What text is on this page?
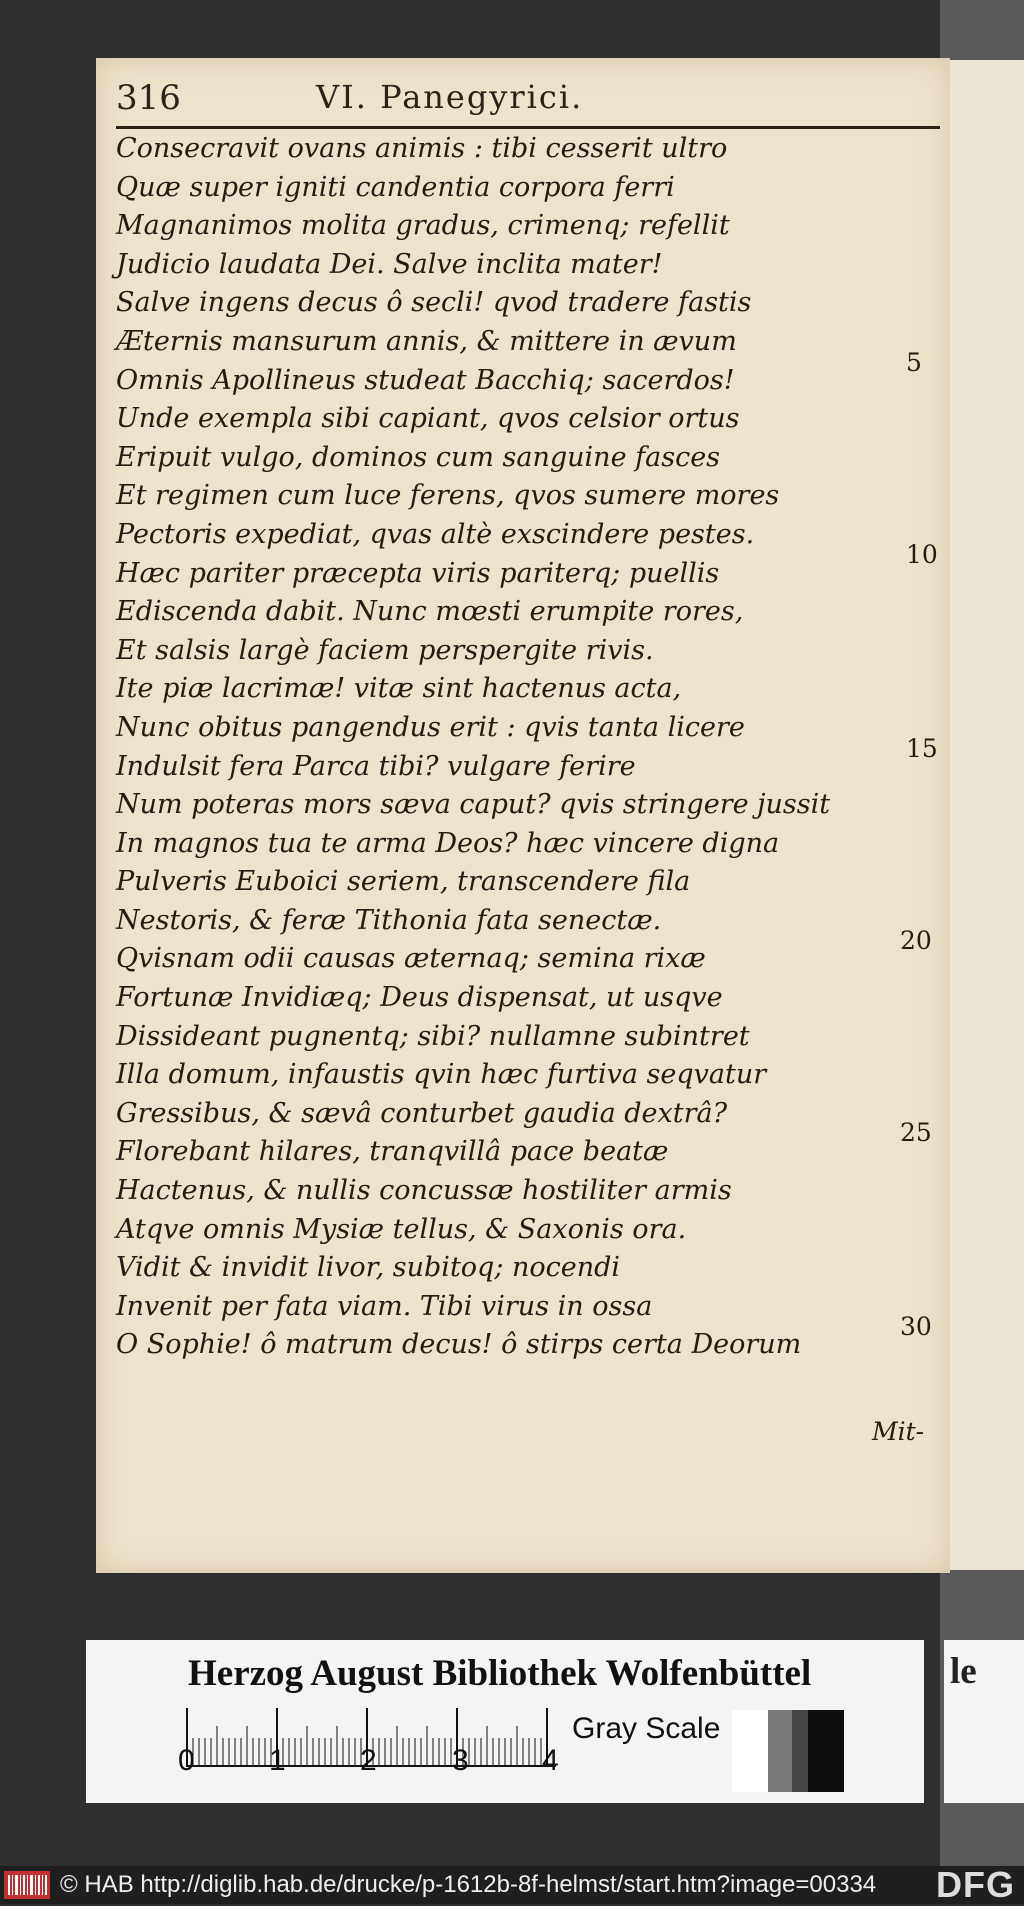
316	VI. Panegyrici.
Consecravit ovans animis : tibi cesserit ultro
Quæ super igniti candentia corpora ferri
Magnanimos molita gradus, crimenq; refellit
Judicio laudata Dei. Salve inclita mater!
Salve ingens decus ô secli! qvod tradere fastis
Æternis mansurum annis, & mittere in ævum
Omnis Apollineus studeat Bacchiq; sacerdos!
Unde exempla sibi capiant, qvos celsior ortus
Eripuit vulgo, dominos cum sanguine fasces
Et regimen cum luce ferens, qvos sumere mores
Pectoris expediat, qvas altè exscindere pestes.
Hæc pariter præcepta viris pariterq; puellis
Ediscenda dabit. Nunc mœsti erumpite rores,
Et salsis largè faciem perspergite rivis.
Ite piæ lacrimæ! vitæ sint hactenus acta,
Nunc obitus pangendus erit : qvis tanta licere
Indulsit fera Parca tibi? vulgare ferire
Num poteras mors sæva caput? qvis stringere jussit
In magnos tua te arma Deos? hæc vincere digna
Pulveris Euboici seriem, transcendere fila
Nestoris, & feræ Tithonia fata senectæ.
Qvisnam odii causas æternaq; semina rixæ
Fortunæ Invidiæq; Deus dispensat, ut usqve
Dissideant pugnentq; sibi? nullamne subintret
Illa domum, infaustis qvin hæc furtiva seqvatur
Gressibus, & sævâ conturbet gaudia dextrâ?
Florebant hilares, tranqvillâ pace beatæ
Hactenus, & nullis concussæ hostiliter armis
Atqve omnis Mysiæ tellus, & Saxonis ora.
Vidit & invidit livor, subitoq; nocendi
Invenit per fata viam. Tibi virus in ossa
O Sophie! ô matrum decus! ô stirps certa Deorum
5
10
15
20
25
30
Mit-
Herzog August Bibliothek Wolfenbüttel
0 1 2	3 4
Gray Scale
le
© HAB http://diglib.hab.de/drucke/p-1612b-8f-helmst/start.htm?image=00334 DFG
